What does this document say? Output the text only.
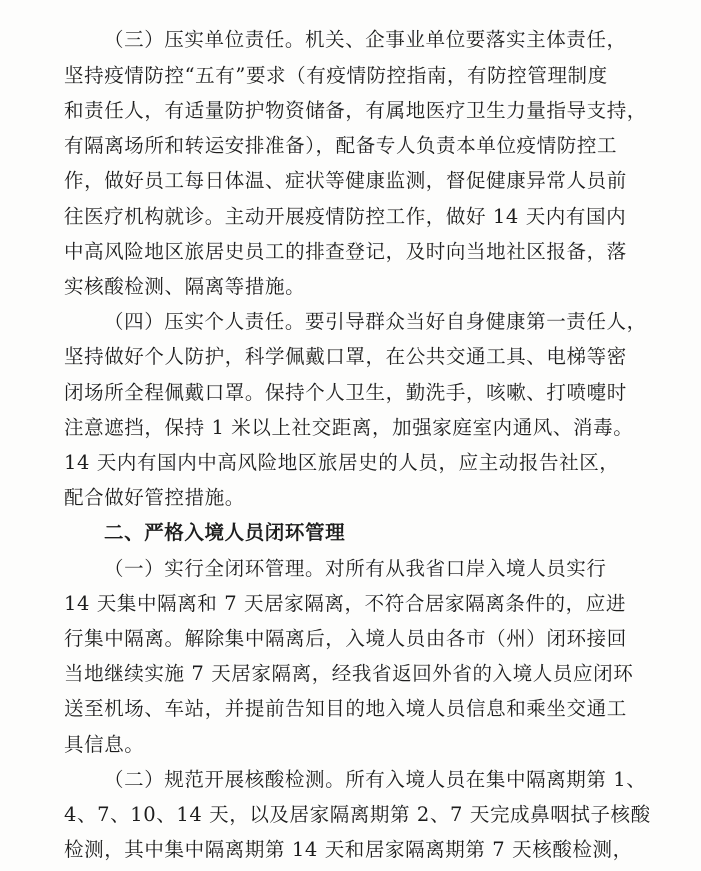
（三）压实单位责任。机关、企事业单位要落实主体责任，
坚持疫情防控“五有”要求（有疫情防控指南，有防控管理制度
和责任人，有适量防护物资储备，有属地医疗卫生力量指导支持，
有隔离场所和转运安排准备），配备专人负责本单位疫情防控工
作，做好员工每日体温、症状等健康监测，督促健康异常人员前
往医疗机构就诊。主动开展疫情防控工作，做好 14 天内有国内
中高风险地区旅居史员工的排查登记，及时向当地社区报备，落
实核酸检测、隔离等措施。
（四）压实个人责任。要引导群众当好自身健康第一责任人，
坚持做好个人防护，科学佩戴口罩，在公共交通工具、电梯等密
闭场所全程佩戴口罩。保持个人卫生，勤洗手，咳嗽、打喷嚏时
注意遮挡，保持 1 米以上社交距离，加强家庭室内通风、消毒。
14 天内有国内中高风险地区旅居史的人员，应主动报告社区，
配合做好管控措施。
二、严格入境人员闭环管理
（一）实行全闭环管理。对所有从我省口岸入境人员实行
14 天集中隔离和 7 天居家隔离，不符合居家隔离条件的，应进
行集中隔离。解除集中隔离后，入境人员由各市（州）闭环接回
当地继续实施 7 天居家隔离，经我省返回外省的入境人员应闭环
送至机场、车站，并提前告知目的地入境人员信息和乘坐交通工
具信息。
（二）规范开展核酸检测。所有入境人员在集中隔离期第 1、
4、7、10、14 天，以及居家隔离期第 2、7 天完成鼻咽拭子核酸
检测，其中集中隔离期第 14 天和居家隔离期第 7 天核酸检测，
